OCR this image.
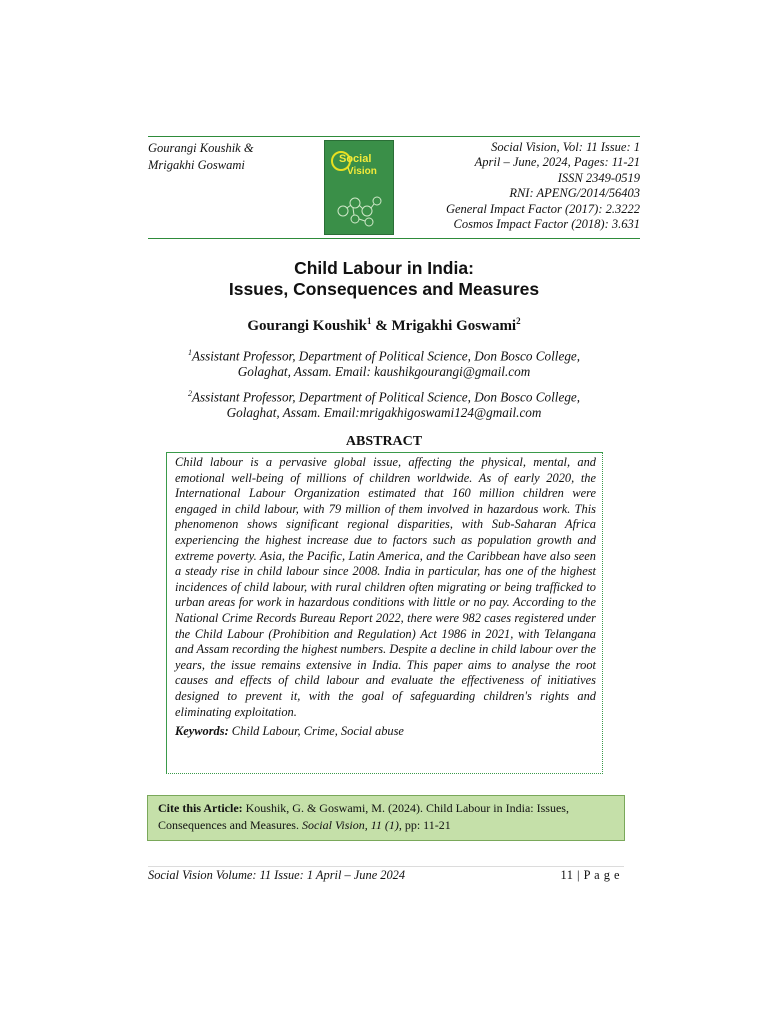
Gourangi Koushik &
Mrigakhi Goswami	Social
Vision
Social Vision, Vol: 11 Issue: 1
April – June, 2024, Pages: 11-21
ISSN 2349-0519
RNI: APENG/2014/56403
General Impact Factor (2017): 2.3222
Cosmos Impact Factor (2018): 3.631
Child Labour in India:
Issues, Consequences and Measures
Gourangi Koushik$^1$ & Mrigakhi Goswami$^2$
$^1$Assistant Professor, Department of Political Science, Don Bosco College,
Golaghat, Assam. Email: kaushikgourangi@gmail.com
$^2$Assistant Professor, Department of Political Science, Don Bosco College,
Golaghat, Assam. Email:mrigakhigoswami124@gmail.com
ABSTRACT

Child labour is a pervasive global issue, affecting the physical, mental, and emotional well-being of millions of children worldwide. As of early 2020, the International Labour Organization estimated that 160 million children were engaged in child labour, with 79 million of them involved in hazardous work. This phenomenon shows significant regional disparities, with Sub-Saharan Africa experiencing the highest increase due to factors such as population growth and extreme poverty. Asia, the Pacific, Latin America, and the Caribbean have also seen a steady rise in child labour since 2008. India in particular, has one of the highest incidences of child labour, with rural children often migrating or being trafficked to urban areas for work in hazardous conditions with little or no pay. According to the National Crime Records Bureau Report 2022, there were 982 cases registered under the Child Labour (Prohibition and Regulation) Act 1986 in 2021, with Telangana and Assam recording the highest numbers. Despite a decline in child labour over the years, the issue remains extensive in India. This paper aims to analyse the root causes and effects of child labour and evaluate the effectiveness of initiatives designed to prevent it, with the goal of safeguarding children's rights and eliminating exploitation.

Keywords: Child Labour, Crime, Social abuse

Cite this Article: Koushik, G. & Goswami, M. (2024). Child Labour in India: Issues, Consequences and Measures. Social Vision, 11 (1), pp: 11-21
Social Vision Volume: 11 Issue: 1 April – June 2024	11 | P a g e
